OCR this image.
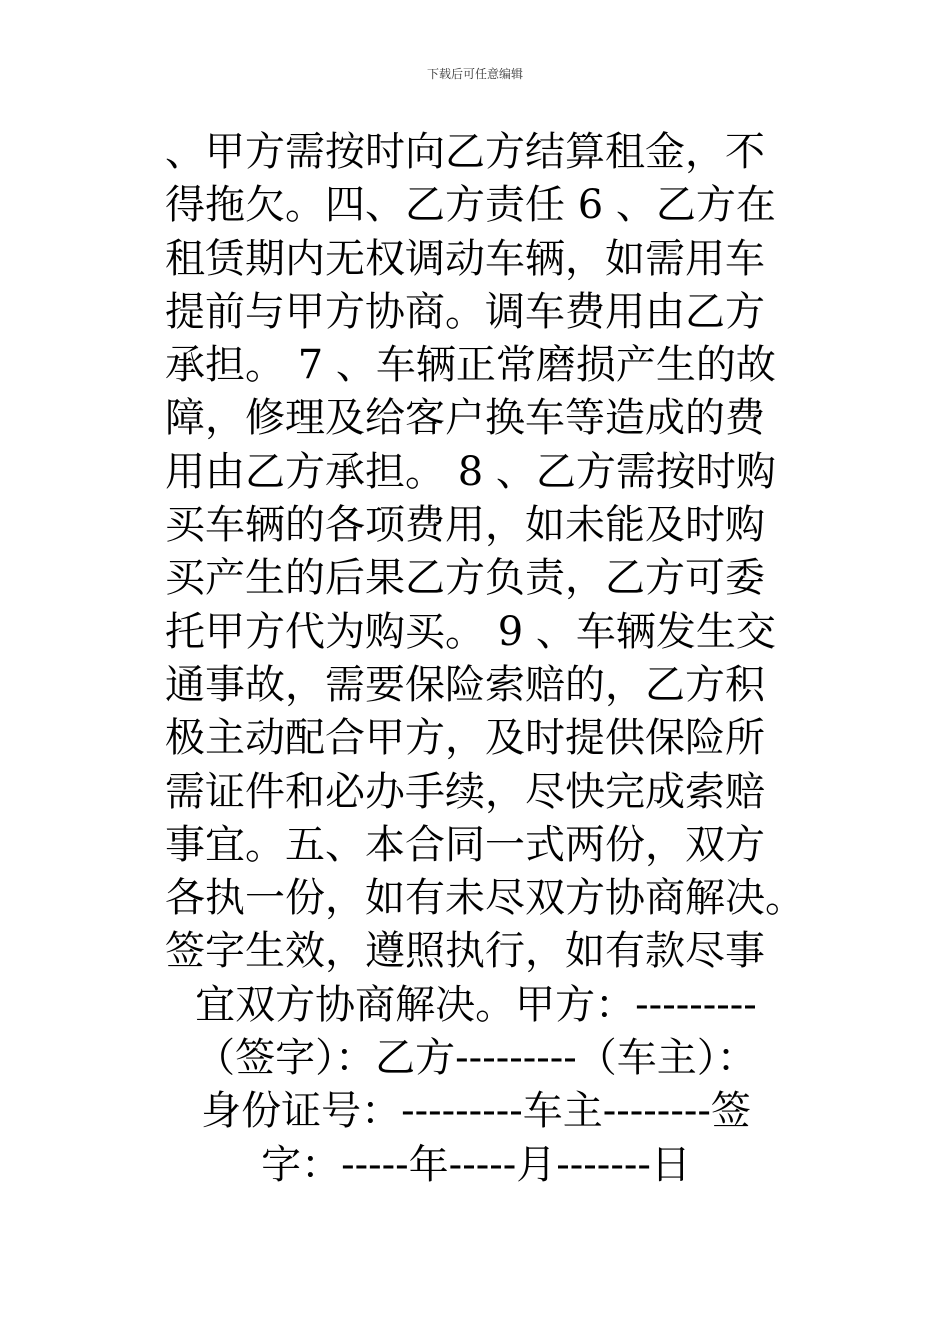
下载后可任意编辑
、甲方需按时向乙方结算租金，不
得拖欠。四、乙方责任 6 、乙方在
租赁期内无权调动车辆，如需用车
提前与甲方协商。调车费用由乙方
承担。 7 、车辆正常磨损产生的故
障，修理及给客户换车等造成的费
用由乙方承担。 8 、乙方需按时购
买车辆的各项费用，如未能及时购
买产生的后果乙方负责，乙方可委
托甲方代为购买。 9 、车辆发生交
通事故，需要保险索赔的，乙方积
极主动配合甲方，及时提供保险所
需证件和必办手续，尽快完成索赔
事宜。五、本合同一式两份，双方
各执一份，如有未尽双方协商解决。
签字生效，遵照执行，如有款尽事
宜双方协商解决。甲方：---------
（签字）：乙方---------（车主）：
身份证号：---------车主--------签
字：-----年-----月-------日
